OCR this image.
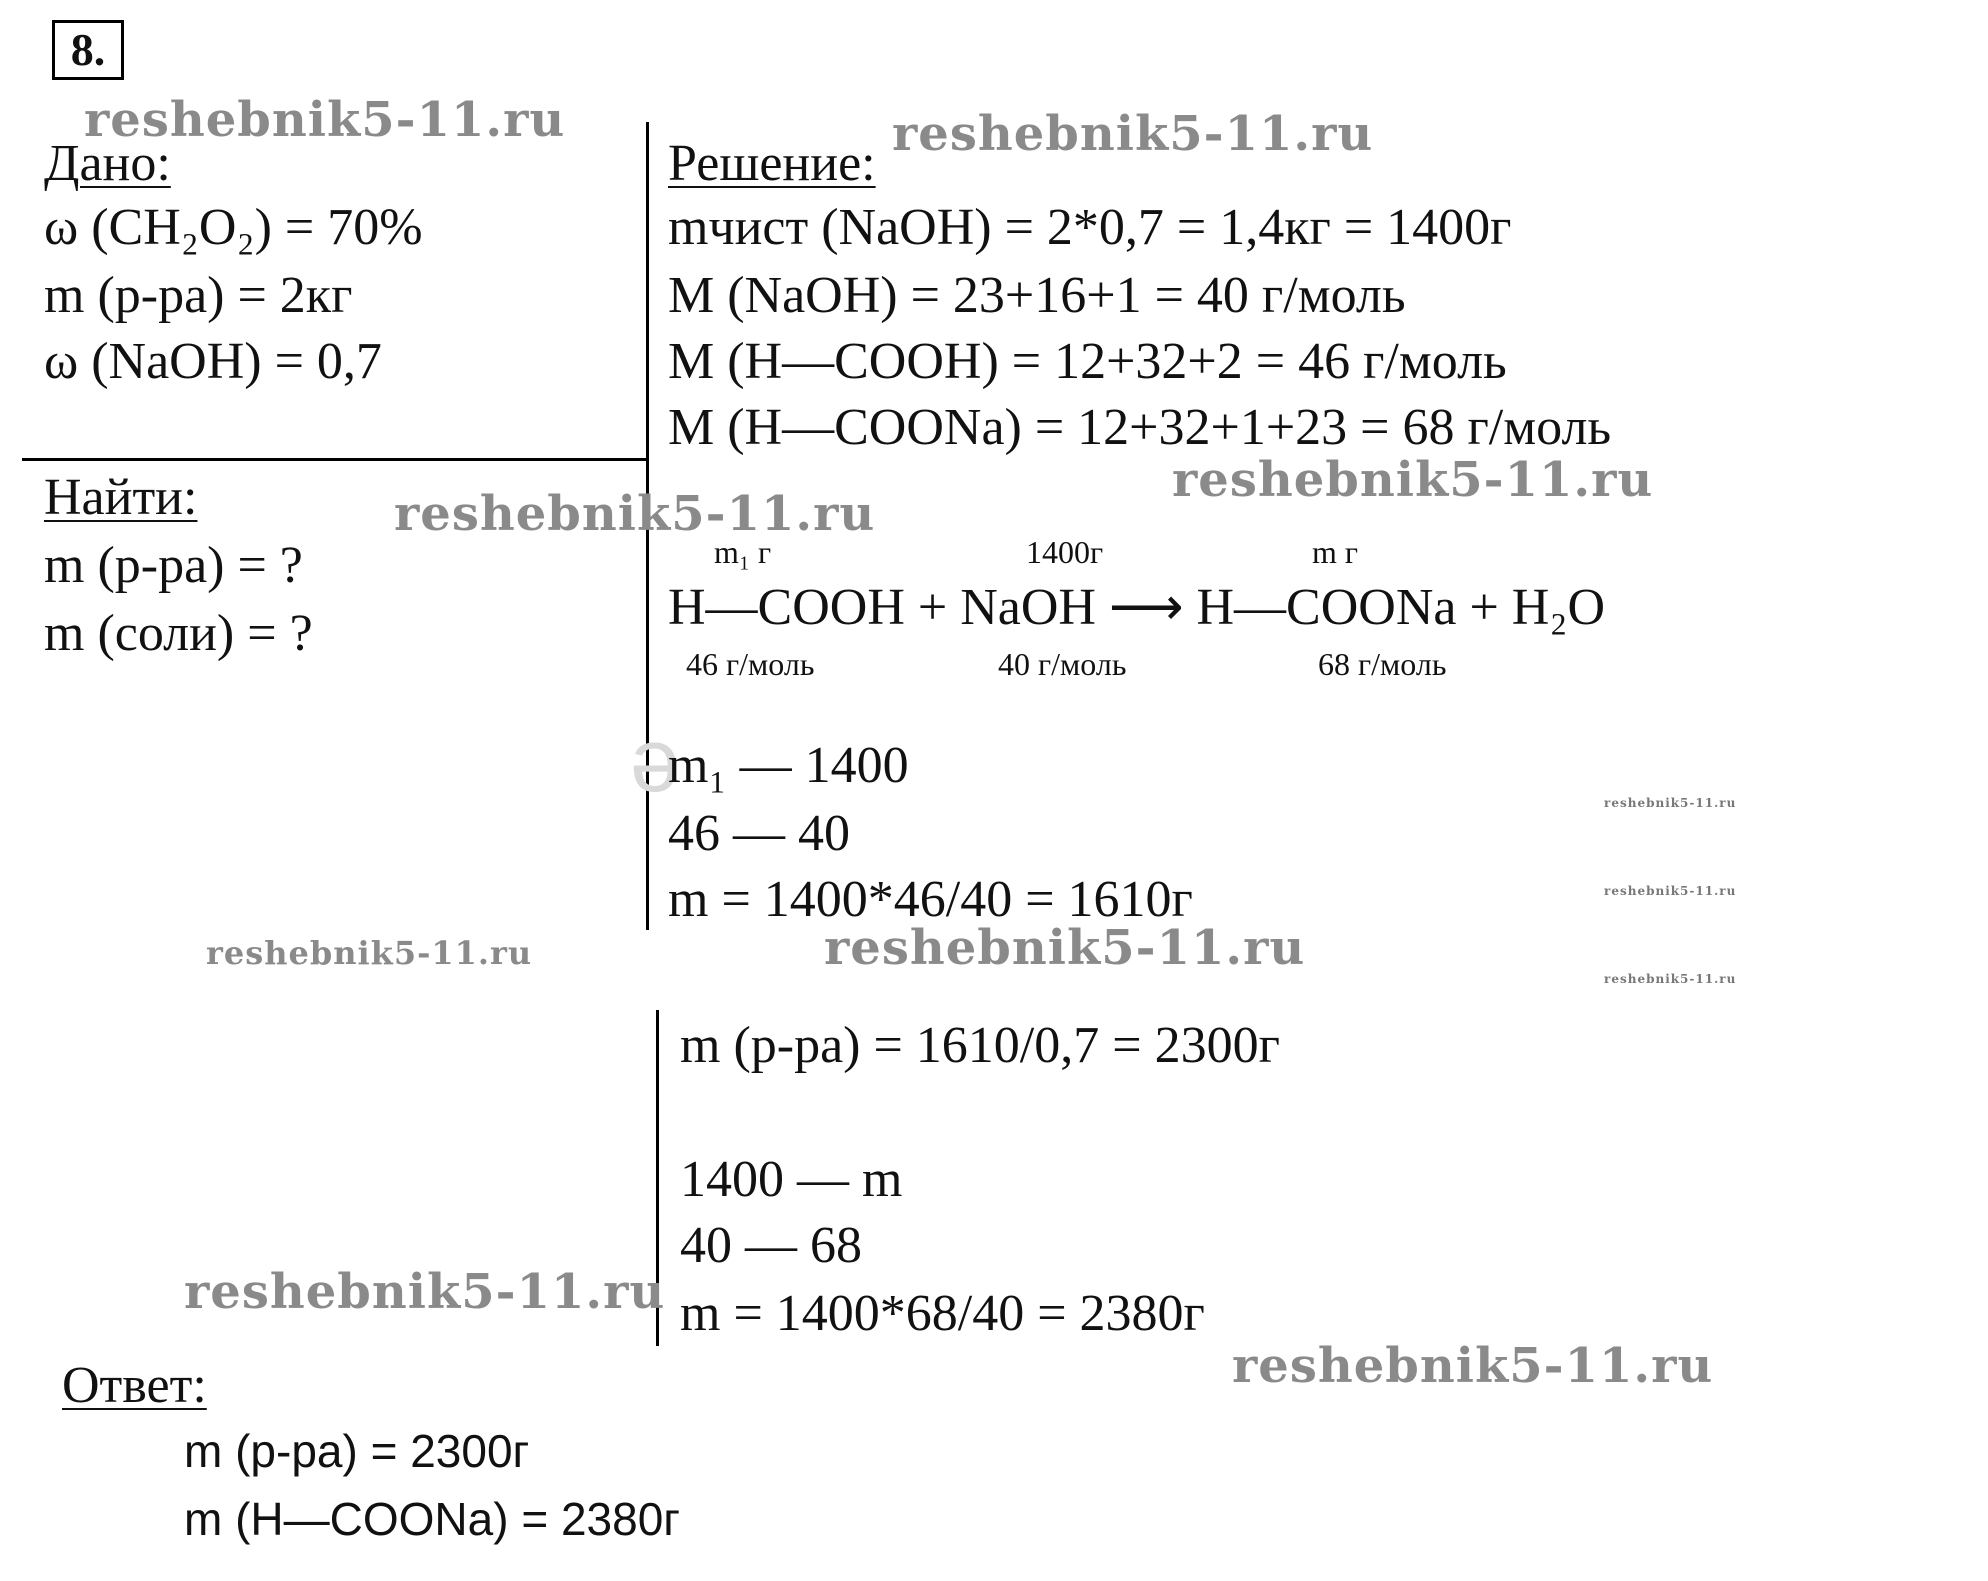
8.
Дано:
ω (CH₂O₂) = 70%
m (р-ра) = 2кг
ω (NaOH) = 0,7
Найти:
m (р-ра) = ?
m (соли) = ?
Решение:
mчист (NaOH) = 2*0,7 = 1,4кг = 1400г
M (NaOH) = 23+16+1 = 40 г/моль
M (H—COOH) = 12+32+2 = 46 г/моль
M (H—COONa) = 12+32+1+23 = 68 г/моль
m₁ г	1400г	m г
H—COOH + NaOH ⟶ H—COONa + H₂O
46 г/моль	40 г/моль	68 г/моль
ə
m₁ — 1400
46 — 40
m = 1400*46/40 = 1610г
m (р-ра) = 1610/0,7 = 2300г
1400 — m
40 — 68
m = 1400*68/40 = 2380г
Ответ:
m (р-ра) = 2300г
m (H—COONa) = 2380г
reshebnik5-11.ru	reshebnik5-11.ru
reshebnik5-11.ru
reshebnik5-11.ru
reshebnik5-11.ru	reshebnik5-11.ru
reshebnik5-11.ru
reshebnik5-11.ru
reshebnik5-11.ru
reshebnik5-11.ru
reshebnik5-11.ru
